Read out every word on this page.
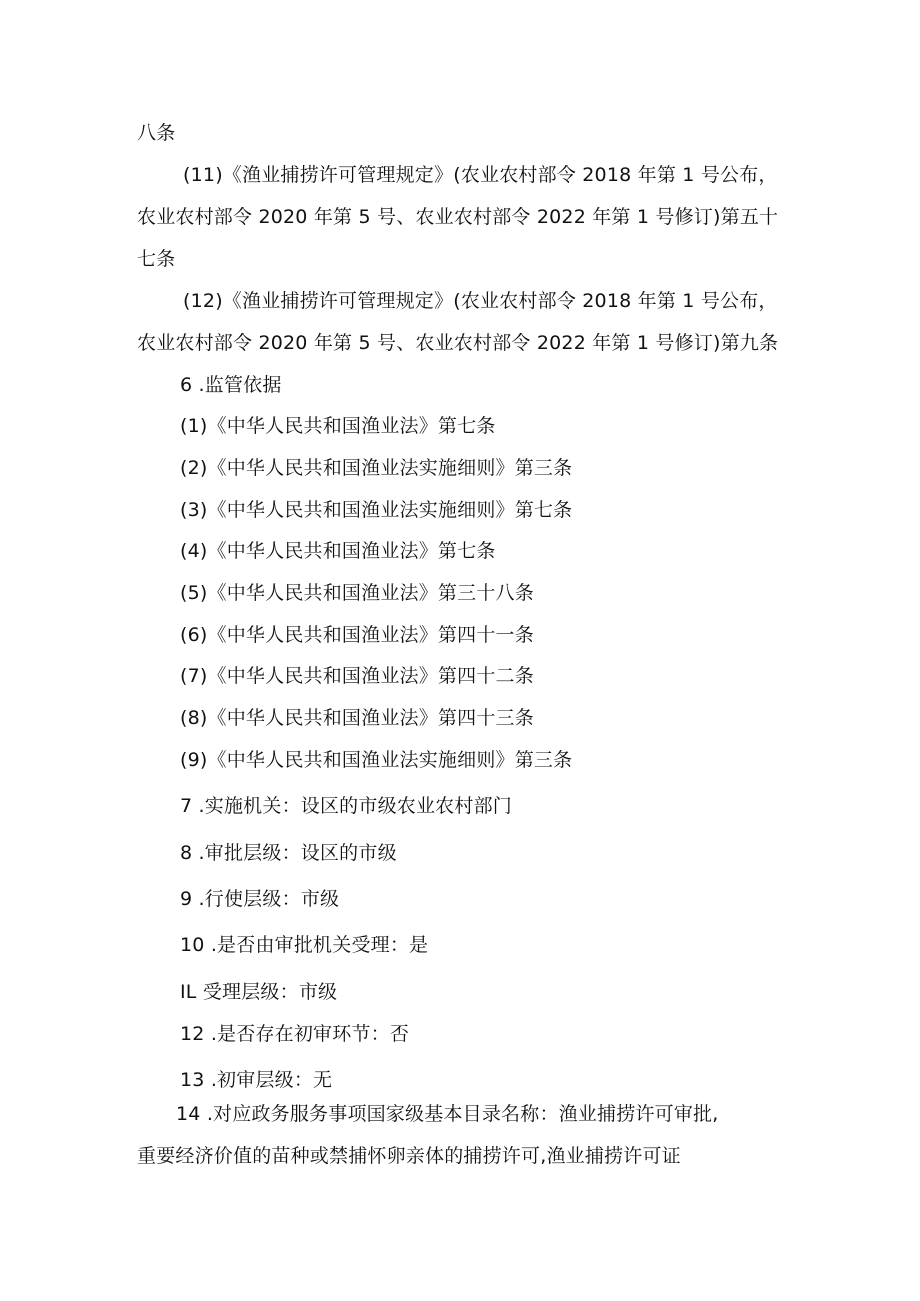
八条
(11)《渔业捕捞许可管理规定》(农业农村部令 2018 年第 1 号公布，
农业农村部令 2020 年第 5 号、农业农村部令 2022 年第 1 号修订)第五十
七条
(12)《渔业捕捞许可管理规定》(农业农村部令 2018 年第 1 号公布，
农业农村部令 2020 年第 5 号、农业农村部令 2022 年第 1 号修订)第九条
6 .监管依据
(1)《中华人民共和国渔业法》第七条
(2)《中华人民共和国渔业法实施细则》第三条
(3)《中华人民共和国渔业法实施细则》第七条
(4)《中华人民共和国渔业法》第七条
(5)《中华人民共和国渔业法》第三十八条
(6)《中华人民共和国渔业法》第四十一条
(7)《中华人民共和国渔业法》第四十二条
(8)《中华人民共和国渔业法》第四十三条
(9)《中华人民共和国渔业法实施细则》第三条
7 .实施机关：设区的市级农业农村部门
8 .审批层级：设区的市级
9 .行使层级：市级
10 .是否由审批机关受理：是
IL 受理层级：市级
12 .是否存在初审环节：否
13 .初审层级：无
14 .对应政务服务事项国家级基本目录名称：渔业捕捞许可审批,
重要经济价值的苗种或禁捕怀卵亲体的捕捞许可,渔业捕捞许可证
